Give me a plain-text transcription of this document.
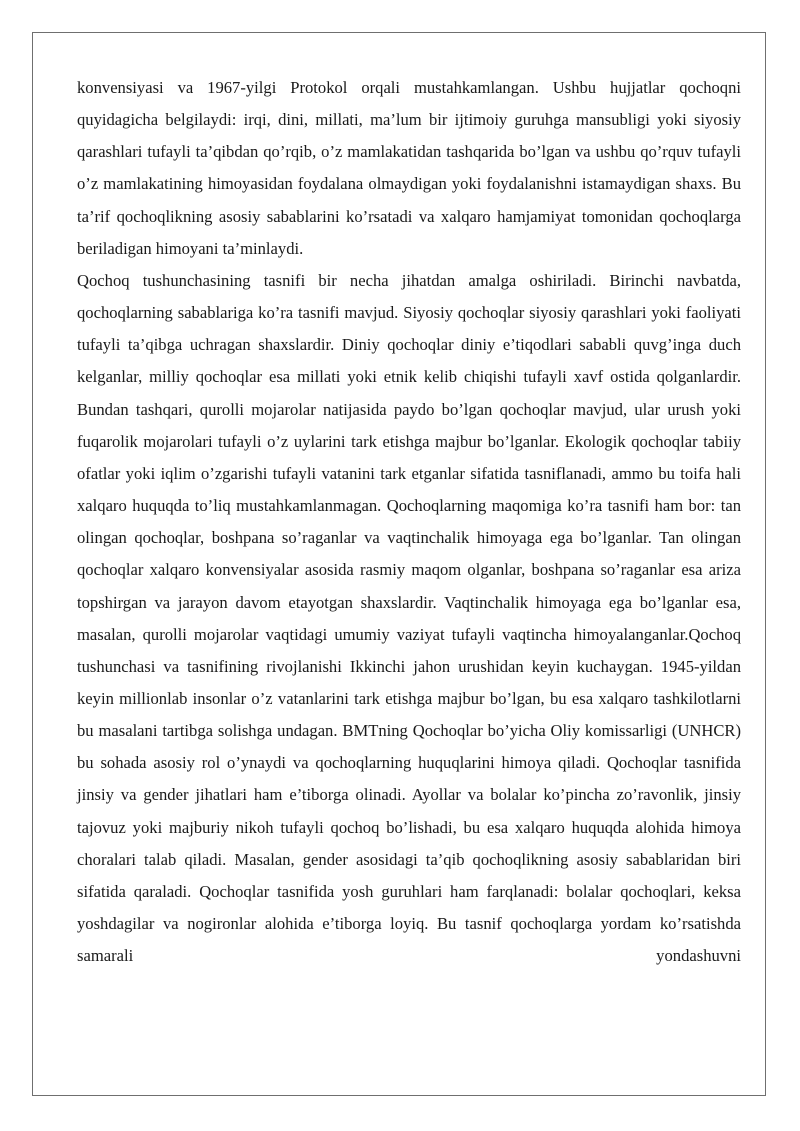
konvensiyasi va 1967-yilgi Protokol orqali mustahkamlangan. Ushbu hujjatlar qochoqni quyidagicha belgilaydi: irqi, dini, millati, ma’lum bir ijtimoiy guruhga mansubligi yoki siyosiy qarashlari tufayli ta’qibdan qo’rqib, o’z mamlakatidan tashqarida bo’lgan va ushbu qo’rquv tufayli o’z mamlakatining himoyasidan foydalana olmaydigan yoki foydalanishni istamaydigan shaxs. Bu ta’rif qochoqlikning asosiy sabablarini ko’rsatadi va xalqaro hamjamiyat tomonidan qochoqlarga beriladigan himoyani ta’minlaydi.

Qochoq tushunchasining tasnifi bir necha jihatdan amalga oshiriladi. Birinchi navbatda, qochoqlarning sabablariga ko’ra tasnifi mavjud. Siyosiy qochoqlar siyosiy qarashlari yoki faoliyati tufayli ta’qibga uchragan shaxslardir. Diniy qochoqlar diniy e’tiqodlari sababli quvg’inga duch kelganlar, milliy qochoqlar esa millati yoki etnik kelib chiqishi tufayli xavf ostida qolganlardir. Bundan tashqari, qurolli mojarolar natijasida paydo bo’lgan qochoqlar mavjud, ular urush yoki fuqarolik mojarolari tufayli o’z uylarini tark etishga majbur bo’lganlar. Ekologik qochoqlar tabiiy ofatlar yoki iqlim o’zgarishi tufayli vatanini tark etganlar sifatida tasniflanadi, ammo bu toifa hali xalqaro huquqda to’liq mustahkamlanmagan. Qochoqlarning maqomiga ko’ra tasnifi ham bor: tan olingan qochoqlar, boshpana so’raganlar va vaqtinchalik himoyaga ega bo’lganlar. Tan olingan qochoqlar xalqaro konvensiyalar asosida rasmiy maqom olganlar, boshpana so’raganlar esa ariza topshirgan va jarayon davom etayotgan shaxslardir. Vaqtinchalik himoyaga ega bo’lganlar esa, masalan, qurolli mojarolar vaqtidagi umumiy vaziyat tufayli vaqtincha himoyalanganlar.Qochoq tushunchasi va tasnifining rivojlanishi Ikkinchi jahon urushidan keyin kuchaygan. 1945-yildan keyin millionlab insonlar o’z vatanlarini tark etishga majbur bo’lgan, bu esa xalqaro tashkilotlarni bu masalani tartibga solishga undagan. BMTning Qochoqlar bo’yicha Oliy komissarligi (UNHCR) bu sohada asosiy rol o’ynaydi va qochoqlarning huquqlarini himoya qiladi. Qochoqlar tasnifida jinsiy va gender jihatlari ham e’tiborga olinadi. Ayollar va bolalar ko’pincha zo’ravonlik, jinsiy tajovuz yoki majburiy nikoh tufayli qochoq bo’lishadi, bu esa xalqaro huquqda alohida himoya choralari talab qiladi. Masalan, gender asosidagi ta’qib qochoqlikning asosiy sabablaridan biri sifatida qaraladi. Qochoqlar tasnifida yosh guruhlari ham farqlanadi: bolalar qochoqlari, keksa yoshdagilar va nogironlar alohida e’tiborga loyiq. Bu tasnif qochoqlarga yordam ko’rsatishda samarali yondashuvni
